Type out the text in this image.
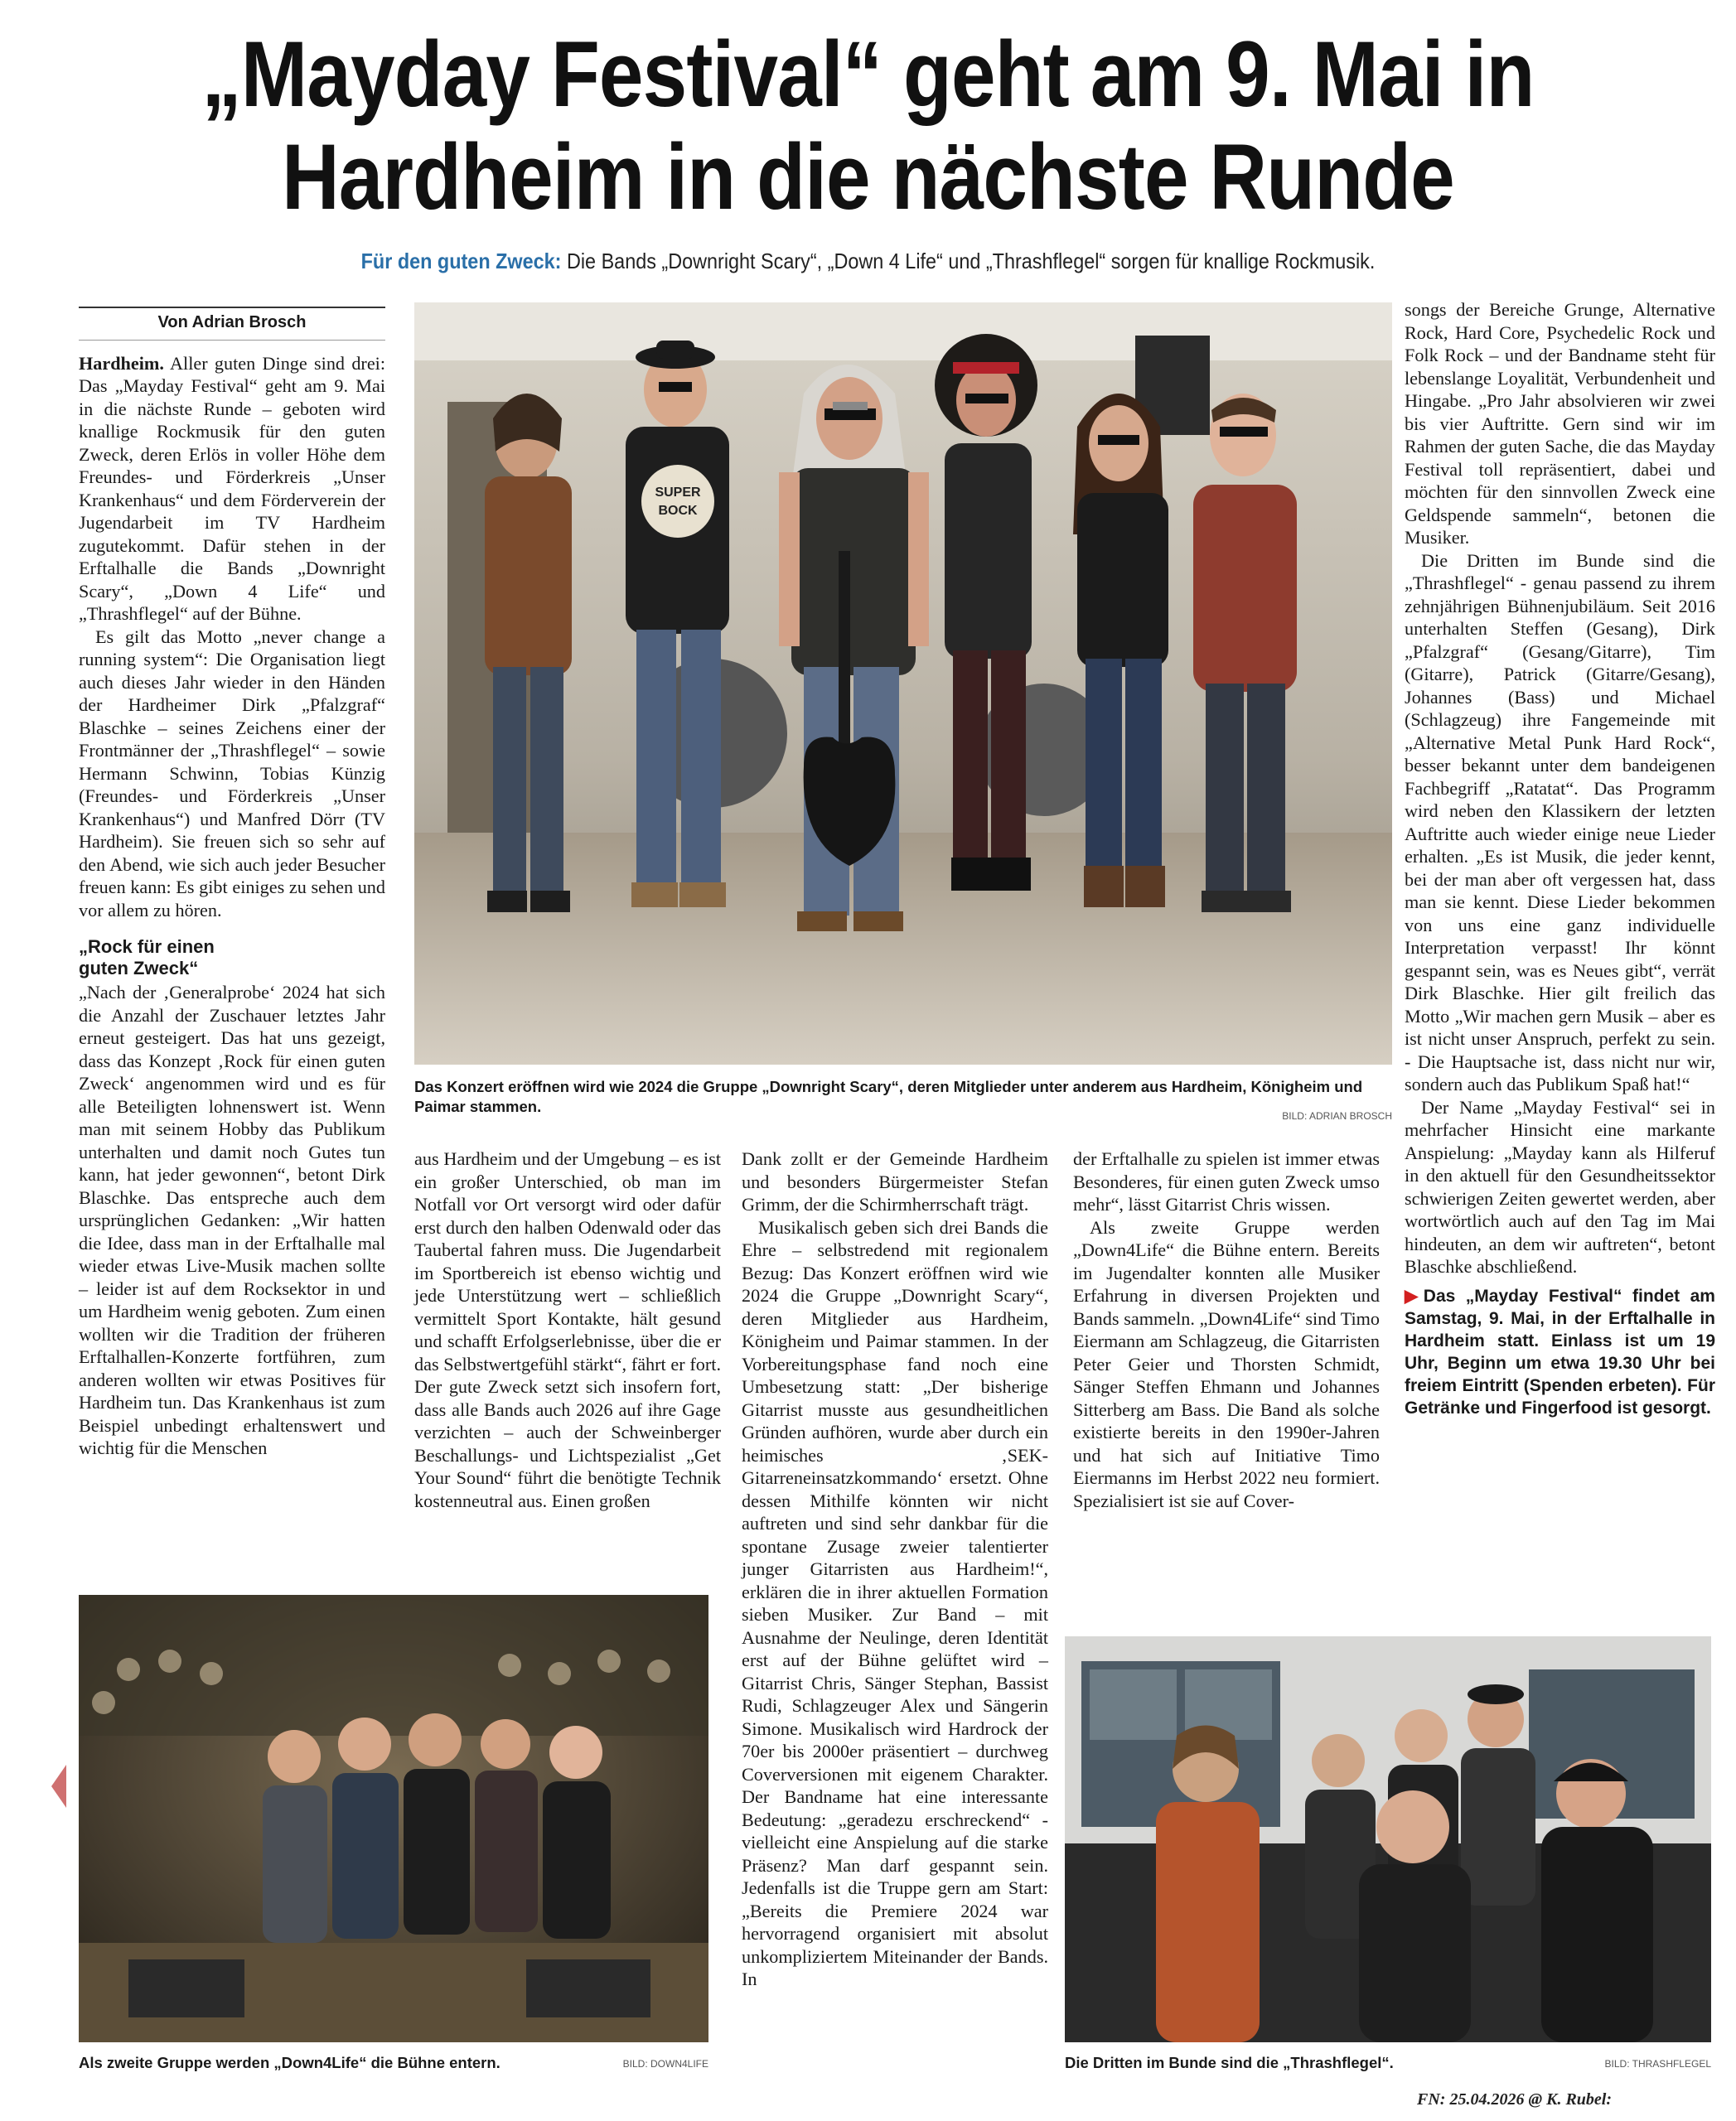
„Mayday Festival“ geht am 9. Mai in
Hardheim in die nächste Runde
Für den guten Zweck: Die Bands „Downright Scary“, „Down 4 Life“ und „Thrashflegel“ sorgen für knallige Rockmusik.
Von Adrian Brosch

Hardheim. Aller guten Dinge sind drei: Das „Mayday Festival“ geht am 9. Mai in die nächste Runde – geboten wird knallige Rockmusik für den guten Zweck, deren Erlös in voller Höhe dem Freundes- und Förderkreis „Unser Krankenhaus“ und dem Förderverein der Jugendarbeit im TV Hardheim zugutekommt. Dafür stehen in der Erftalhalle die Bands „Downright Scary“, „Down 4 Life“ und „Thrashflegel“ auf der Bühne.

Es gilt das Motto „never change a running system“: Die Organisation liegt auch dieses Jahr wieder in den Händen der Hardheimer Dirk „Pfalzgraf“ Blaschke – seines Zeichens einer der Frontmänner der „Thrashflegel“ – sowie Hermann Schwinn, Tobias Künzig (Freundes- und Förderkreis „Unser Krankenhaus“) und Manfred Dörr (TV Hardheim). Sie freuen sich so sehr auf den Abend, wie sich auch jeder Besucher freuen kann: Es gibt einiges zu sehen und vor allem zu hören.

„Rock für einen
guten Zweck“

„Nach der ‚Generalprobe‘ 2024 hat sich die Anzahl der Zuschauer letztes Jahr erneut gesteigert. Das hat uns gezeigt, dass das Konzept ‚Rock für einen guten Zweck‘ angenommen wird und es für alle Beteiligten lohnenswert ist. Wenn man mit seinem Hobby das Publikum unterhalten und damit noch Gutes tun kann, hat jeder gewonnen“, betont Dirk Blaschke. Das entspreche auch dem ursprünglichen Gedanken: „Wir hatten die Idee, dass man in der Erftalhalle mal wieder etwas Live-Musik machen sollte – leider ist auf dem Rocksektor in und um Hardheim wenig geboten. Zum einen wollten wir die Tradition der früheren Erftalhallen-Konzerte fortführen, zum anderen wollten wir etwas Positives für Hardheim tun. Das Krankenhaus ist zum Beispiel unbedingt erhaltenswert und wichtig für die Menschen

SUPER
BOCK
Das Konzert eröffnen wird wie 2024 die Gruppe „Downright Scary“, deren Mitglieder unter anderem aus Hardheim, Königheim und Paimar stammen.
BILD: ADRIAN BROSCH

aus Hardheim und der Umgebung – es ist ein großer Unterschied, ob man im Notfall vor Ort versorgt wird oder dafür erst durch den halben Odenwald oder das Taubertal fahren muss. Die Jugendarbeit im Sportbereich ist ebenso wichtig und jede Unterstützung wert – schließlich vermittelt Sport Kontakte, hält gesund und schafft Erfolgserlebnisse, über die er das Selbstwertgefühl stärkt“, fährt er fort. Der gute Zweck setzt sich insofern fort, dass alle Bands auch 2026 auf ihre Gage verzichten – auch der Schweinberger Beschallungs- und Lichtspezialist „Get Your Sound“ führt die benötigte Technik kostenneutral aus. Einen großen

Dank zollt er der Gemeinde Hardheim und besonders Bürgermeister Stefan Grimm, der die Schirmherrschaft trägt.

Musikalisch geben sich drei Bands die Ehre – selbstredend mit regionalem Bezug: Das Konzert eröffnen wird wie 2024 die Gruppe „Downright Scary“, deren Mitglieder aus Hardheim, Königheim und Paimar stammen. In der Vorbereitungsphase fand noch eine Umbesetzung statt: „Der bisherige Gitarrist musste aus gesundheitlichen Gründen aufhören, wurde aber durch ein heimisches ‚SEK-Gitarreneinsatzkommando‘ ersetzt. Ohne dessen Mithilfe könnten wir nicht auftreten und sind sehr dankbar für die spontane Zusage zweier talentierter junger Gitarristen aus Hardheim!“, erklären die in ihrer aktuellen Formation sieben Musiker. Zur Band – mit Ausnahme der Neulinge, deren Identität erst auf der Bühne gelüftet wird – Gitarrist Chris, Sänger Stephan, Bassist Rudi, Schlagzeuger Alex und Sängerin Simone. Musikalisch wird Hardrock der 70er bis 2000er präsentiert – durchweg Coverversionen mit eigenem Charakter. Der Bandname hat eine interessante Bedeutung: „geradezu erschreckend“ - vielleicht eine Anspielung auf die starke Präsenz? Man darf gespannt sein. Jedenfalls ist die Truppe gern am Start: „Bereits die Premiere 2024 war hervorragend organisiert mit absolut unkompliziertem Miteinander der Bands. In

der Erftalhalle zu spielen ist immer etwas Besonderes, für einen guten Zweck umso mehr“, lässt Gitarrist Chris wissen.

Als zweite Gruppe werden „Down4Life“ die Bühne entern. Bereits im Jugendalter konnten alle Musiker Erfahrung in diversen Projekten und Bands sammeln. „Down4Life“ sind Timo Eiermann am Schlagzeug, die Gitarristen Peter Geier und Thorsten Schmidt, Sänger Steffen Ehmann und Johannes Sitterberg am Bass. Die Band als solche existierte bereits in den 1990er-Jahren und hat sich auf Initiative Timo Eiermanns im Herbst 2022 neu formiert. Spezialisiert ist sie auf Cover-

songs der Bereiche Grunge, Alternative Rock, Hard Core, Psychedelic Rock und Folk Rock – und der Bandname steht für lebenslange Loyalität, Verbundenheit und Hingabe. „Pro Jahr absolvieren wir zwei bis vier Auftritte. Gern sind wir im Rahmen der guten Sache, die das Mayday Festival toll repräsentiert, dabei und möchten für den sinnvollen Zweck eine Geldspende sammeln“, betonen die Musiker.

Die Dritten im Bunde sind die „Thrashflegel“ - genau passend zu ihrem zehnjährigen Bühnenjubiläum. Seit 2016 unterhalten Steffen (Gesang), Dirk „Pfalzgraf“ (Gesang/Gitarre), Tim (Gitarre), Patrick (Gitarre/Gesang), Johannes (Bass) und Michael (Schlagzeug) ihre Fangemeinde mit „Alternative Metal Punk Hard Rock“, besser bekannt unter dem bandeigenen Fachbegriff „Ratatat“. Das Programm wird neben den Klassikern der letzten Auftritte auch wieder einige neue Lieder erhalten. „Es ist Musik, die jeder kennt, bei der man aber oft vergessen hat, dass man sie kennt. Diese Lieder bekommen von uns eine ganz individuelle Interpretation verpasst! Ihr könnt gespannt sein, was es Neues gibt“, verrät Dirk Blaschke. Hier gilt freilich das Motto „Wir machen gern Musik – aber es ist nicht unser Anspruch, perfekt zu sein. - Die Hauptsache ist, dass nicht nur wir, sondern auch das Publikum Spaß hat!“

Der Name „Mayday Festival“ sei in mehrfacher Hinsicht eine markante Anspielung: „Mayday kann als Hilferuf in den aktuell für den Gesundheitssektor schwierigen Zeiten gewertet werden, aber wortwörtlich auch auf den Tag im Mai hindeuten, an dem wir auftreten“, betont Blaschke abschließend.

▶Das „Mayday Festival“ findet am Samstag, 9. Mai, in der Erftalhalle in Hardheim statt. Einlass ist um 19 Uhr, Beginn um etwa 19.30 Uhr bei freiem Eintritt (Spenden erbeten). Für Getränke und Fingerfood ist gesorgt.
Als zweite Gruppe werden „Down4Life“ die Bühne entern.	BILD: DOWN4LIFE	Die Dritten im Bunde sind die „Thrashflegel“.	BILD: THRASHFLEGEL
FN: 25.04.2026 @ K. Rubel:
